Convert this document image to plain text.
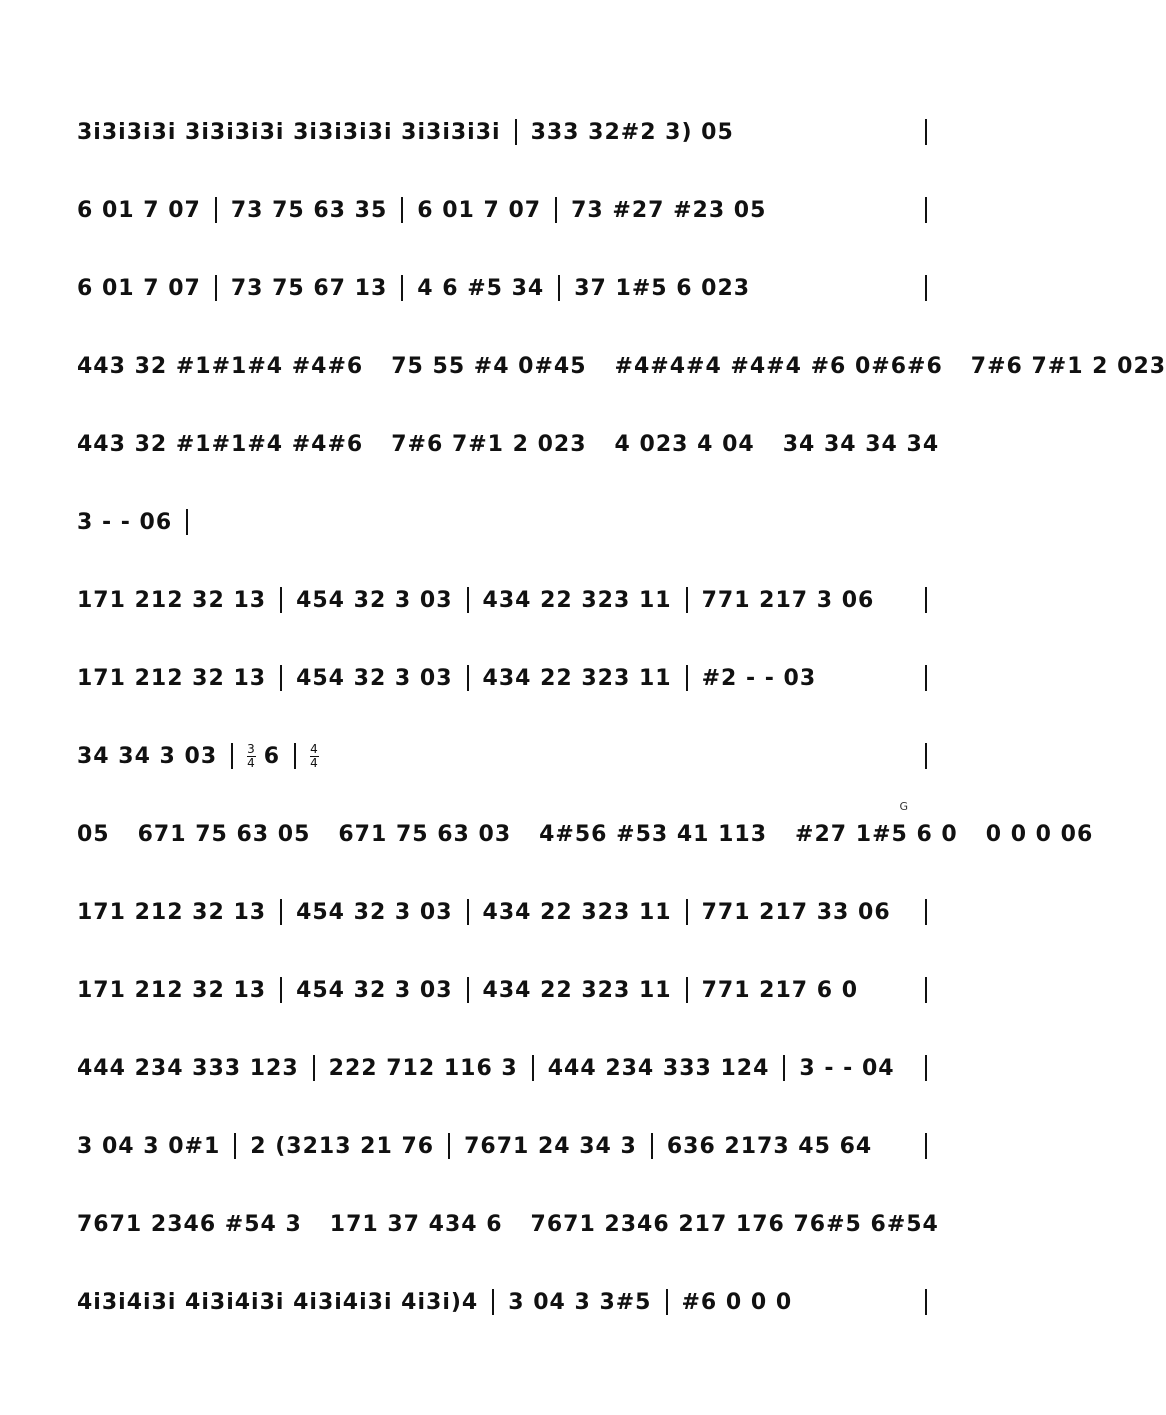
3i3i3i3i 3i3i3i3i 3i3i3i3i 3i3i3i3i 333 32#2 3) 05
6 01 7 07 73 75 63 35 6 01 7 07 73 #27 #23 05
6 01 7 07 73 75 67 13 4 6 #5 34 37 1#5 6 023
443 32 #1#1#4 #4#6 75 55 #4 0#45 #4#4#4 #4#4 #6 0#6#6 7#6 7#1 2 023
443 32 #1#1#4 #4#6 7#6 7#1 2 023 4 023 4 04 34 34 34 34
3 - - 06
171 212 32 13 454 32 3 03 434 22 323 11 771 217 3 06
171 212 32 13 454 32 3 03 434 22 323 11 #2 - - 03
34 34 3 03	3
4 6	4
4
05 671 75 63 05 671 75 63 03 4#56 #53 41 113 #27 1#5 6 0 0 0 0 06
G
171 212 32 13 454 32 3 03 434 22 323 11 771 217 33 06
171 212 32 13 454 32 3 03 434 22 323 11 771 217 6 0
444 234 333 123 222 712 116 3 444 234 333 124 3 - - 04
3 04 3 0#1 2 (3213 21 76 7671 24 34 3 636 2173 45 64
7671 2346 #54 3 171 37 434 6 7671 2346 217 176 76#5 6#54
4i3i4i3i 4i3i4i3i 4i3i4i3i 4i3i)4 3 04 3 3#5 #6 0 0 0
